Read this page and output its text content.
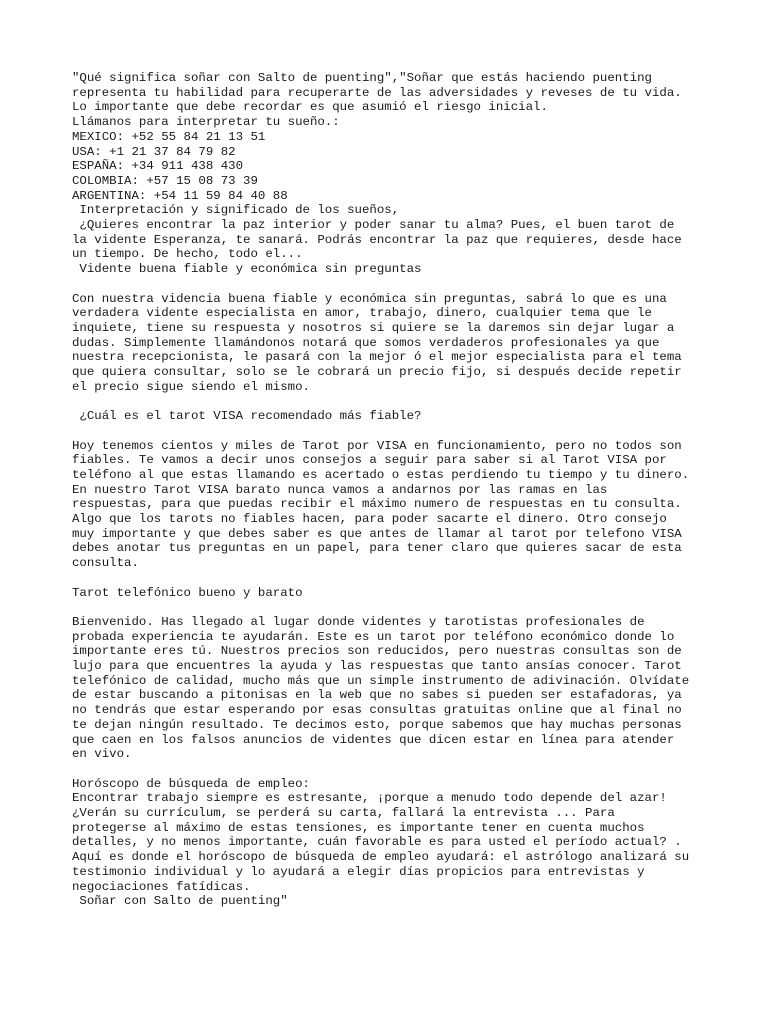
"Qué significa soñar con Salto de puenting","Soñar que estás haciendo puenting
representa tu habilidad para recuperarte de las adversidades y reveses de tu vida.
Lo importante que debe recordar es que asumió el riesgo inicial.
Llámanos para interpretar tu sueño.:
MEXICO: +52 55 84 21 13 51
USA: +1 21 37 84 79 82
ESPAÑA: +34 911 438 430
COLOMBIA: +57 15 08 73 39
ARGENTINA: +54 11 59 84 40 88
Interpretación y significado de los sueños,
¿Quieres encontrar la paz interior y poder sanar tu alma? Pues, el buen tarot de
la vidente Esperanza, te sanará. Podrás encontrar la paz que requieres, desde hace
un tiempo. De hecho, todo el...
Vidente buena fiable y económica sin preguntas
Con nuestra videncia buena fiable y económica sin preguntas, sabrá lo que es una
verdadera vidente especialista en amor, trabajo, dinero, cualquier tema que le
inquiete, tiene su respuesta y nosotros si quiere se la daremos sin dejar lugar a
dudas. Simplemente llamándonos notará que somos verdaderos profesionales ya que
nuestra recepcionista, le pasará con la mejor ó el mejor especialista para el tema
que quiera consultar, solo se le cobrará un precio fijo, si después decide repetir
el precio sigue siendo el mismo.
¿Cuál es el tarot VISA recomendado más fiable?
Hoy tenemos cientos y miles de Tarot por VISA en funcionamiento, pero no todos son
fiables. Te vamos a decir unos consejos a seguir para saber si al Tarot VISA por
teléfono al que estas llamando es acertado o estas perdiendo tu tiempo y tu dinero.
En nuestro Tarot VISA barato nunca vamos a andarnos por las ramas en las
respuestas, para que puedas recibir el máximo numero de respuestas en tu consulta.
Algo que los tarots no fiables hacen, para poder sacarte el dinero. Otro consejo
muy importante y que debes saber es que antes de llamar al tarot por telefono VISA
debes anotar tus preguntas en un papel, para tener claro que quieres sacar de esta
consulta.
Tarot telefónico bueno y barato
Bienvenido. Has llegado al lugar donde videntes y tarotistas profesionales de
probada experiencia te ayudarán. Este es un tarot por teléfono económico donde lo
importante eres tú. Nuestros precios son reducidos, pero nuestras consultas son de
lujo para que encuentres la ayuda y las respuestas que tanto ansías conocer. Tarot
telefónico de calidad, mucho más que un simple instrumento de adivinación. Olvídate
de estar buscando a pitonisas en la web que no sabes si pueden ser estafadoras, ya
no tendrás que estar esperando por esas consultas gratuitas online que al final no
te dejan ningún resultado. Te decimos esto, porque sabemos que hay muchas personas
que caen en los falsos anuncios de videntes que dicen estar en línea para atender
en vivo.
Horóscopo de búsqueda de empleo:
Encontrar trabajo siempre es estresante, ¡porque a menudo todo depende del azar!
¿Verán su currículum, se perderá su carta, fallará la entrevista ... Para
protegerse al máximo de estas tensiones, es importante tener en cuenta muchos
detalles, y no menos importante, cuán favorable es para usted el período actual? .
Aquí es donde el horóscopo de búsqueda de empleo ayudará: el astrólogo analizará su
testimonio individual y lo ayudará a elegir días propicios para entrevistas y
negociaciones fatídicas.
Soñar con Salto de puenting"
